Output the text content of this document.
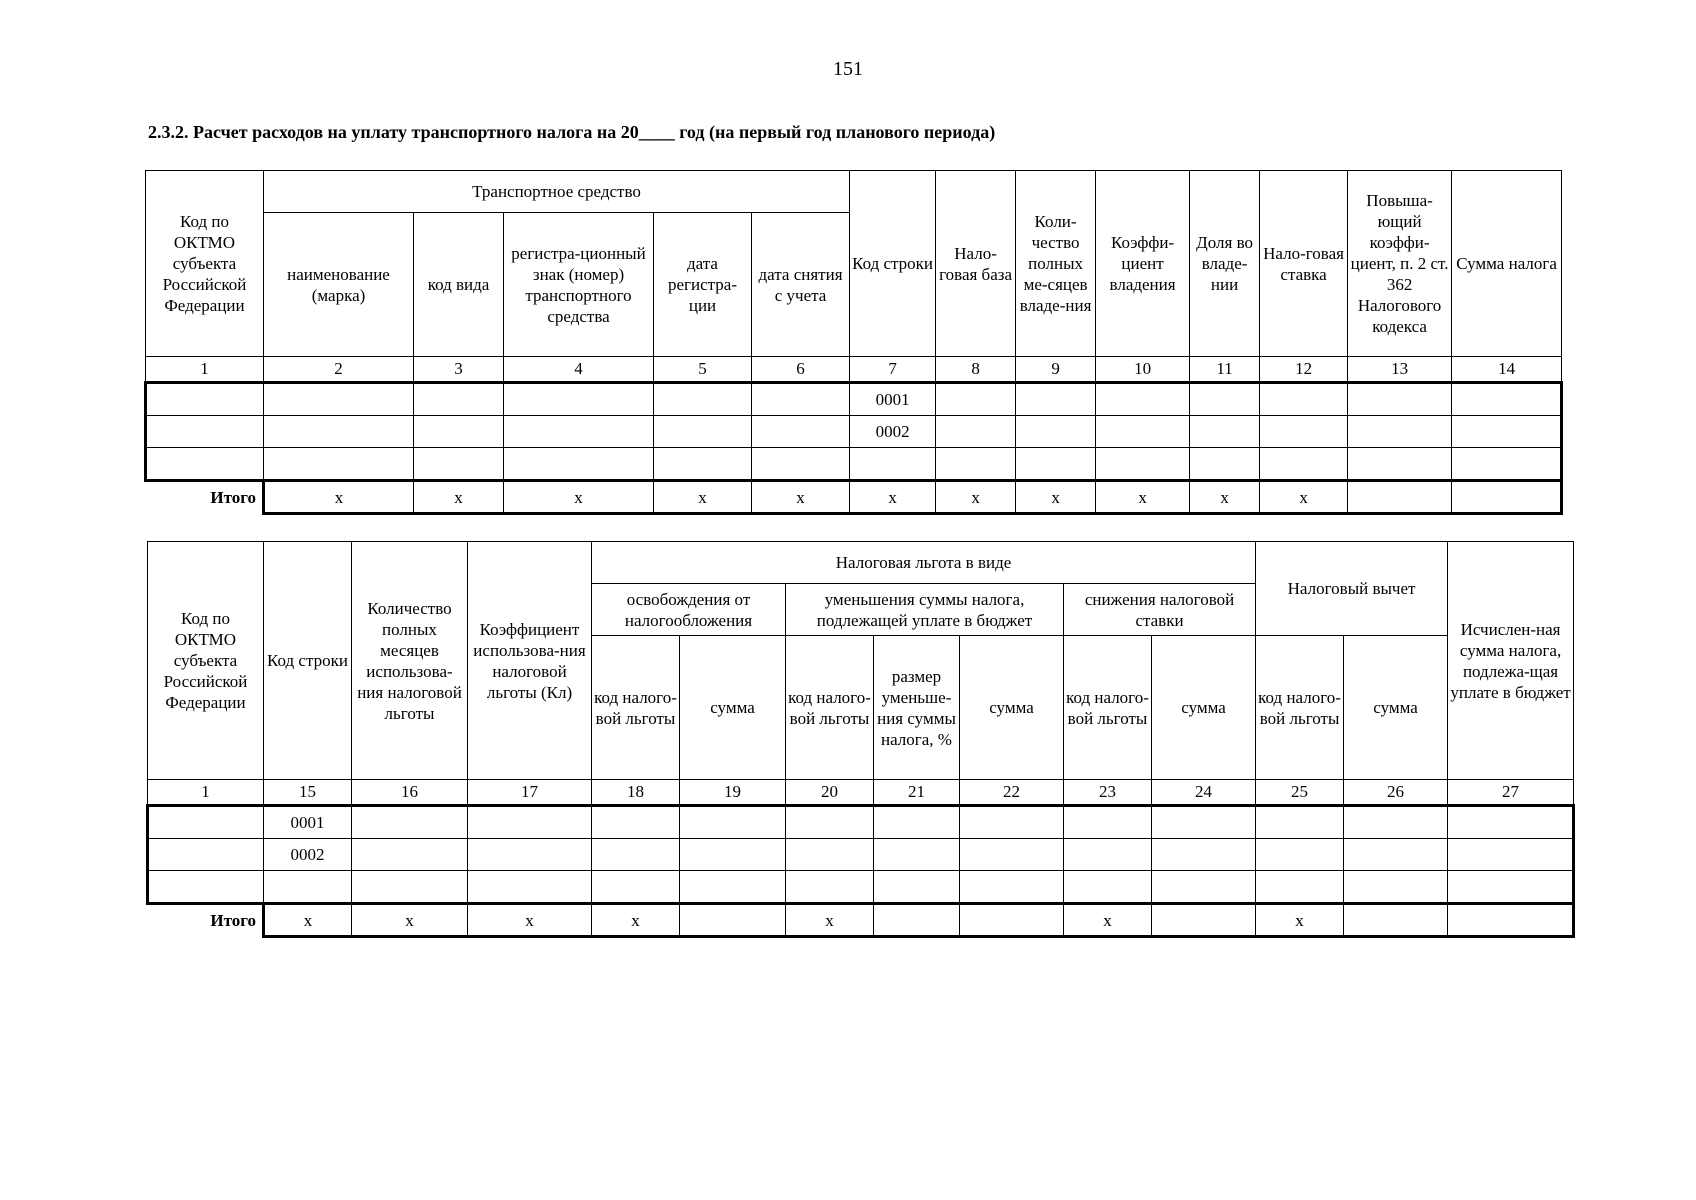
151
2.3.2. Расчет расходов на уплату транспортного налога на 20____ год (на первый год планового периода)
Код по ОКТМО субъекта Российской Федерации	Транспортное средство					Код строки	Нало-говая база	Коли-чество полных ме-сяцев владе-ния	Коэффи-циент владения	Доля во владе-нии	Нало-говая ставка	Повыша-ющий коэффи-циент, п. 2 ст. 362 Налогового кодекса	Сумма налога
	наименование (марка)	код вида	регистра-ционный знак (номер) транспортного средства	дата регистра-ции	дата снятия с учета								
1	2	3	4	5	6	7	8	9	10	11	12	13	14
						0001							
						0002							

Итого	x	x	x	x	x	x	x	x	x	x	x		
Код по ОКТМО субъекта Российской Федерации	Код строки	Количество полных месяцев использова-ния налоговой льготы	Коэффициент использова-ния налоговой льготы (Кл)	Налоговая льгота в виде							Налоговый вычет		Исчислен-ная сумма налога, подлежа-щая уплате в бюджет
				освобождения от налогообложения		уменьшения суммы налога, подлежащей уплате в бюджет			снижения налоговой ставки				
				код налого-вой льготы	сумма	код налого-вой льготы	размер уменьше-ния суммы налога, %	сумма	код налого-вой льготы	сумма	код налого-вой льготы	сумма	
1	15	16	17	18	19	20	21	22	23	24	25	26	27
	0001												
	0002												

Итого	x	x	x	x		x			x		x		
